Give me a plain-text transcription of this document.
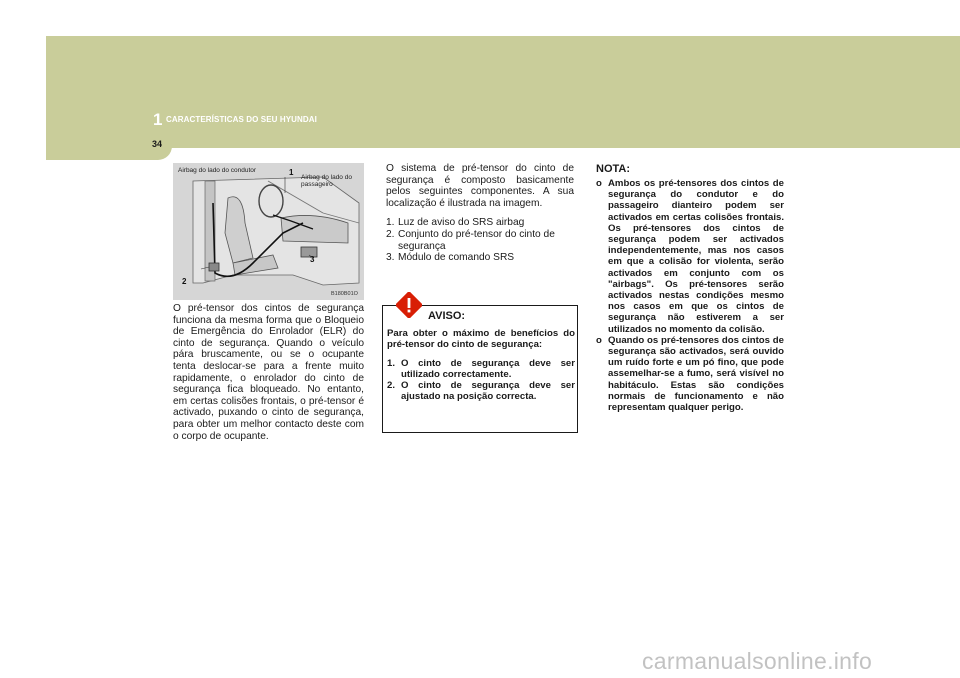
1 CARACTERÍSTICAS DO SEU HYUNDAI
34
Airbag do lado do condutor
Airbag do lado do passageiro
1
2
3
B180B01O
O pré-tensor dos cintos de segurança funciona da mesma forma que o Bloqueio de Emergência do Enrolador (ELR) do cinto de segurança. Quando o veículo pára bruscamente, ou se o ocupante tenta deslocar-se para a frente muito rapidamente, o enrolador do cinto de segurança fica bloqueado. No entanto, em certas colisões frontais, o pré-tensor é activado, puxando o cinto de segurança, para obter um melhor contacto deste com o corpo de ocupante.

O sistema de pré-tensor do cinto de segurança é composto basicamente pelos seguintes componentes. A sua localização é ilustrada na imagem.

1. Luz de aviso do SRS airbag
2. Conjunto do pré-tensor do cinto de segurança
3. Módulo de comando SRS
AVISO:

Para obter o máximo de benefícios do pré-tensor do cinto de segurança:

1. O cinto de segurança deve ser utilizado correctamente.
2. O cinto de segurança deve ser ajustado na posição correcta.
NOTA:
o Ambos os pré-tensores dos cintos de segurança do condutor e do passageiro dianteiro podem ser activados em certas colisões frontais. Os pré-tensores dos cintos de segurança podem ser activados independentemente, mas nos casos em que a colisão for violenta, serão activados em conjunto com os "airbags". Os pré-tensores serão activados nestas condições mesmo nos casos em que os cintos de segurança não estiverem a ser utilizados no momento da colisão.
o Quando os pré-tensores dos cintos de segurança são activados, será ouvido um ruído forte e um pó fino, que pode assemelhar-se a fumo, será visível no habitáculo. Estas são condições normais de funcionamento e não representam qualquer perigo.
carmanualsonline.info
